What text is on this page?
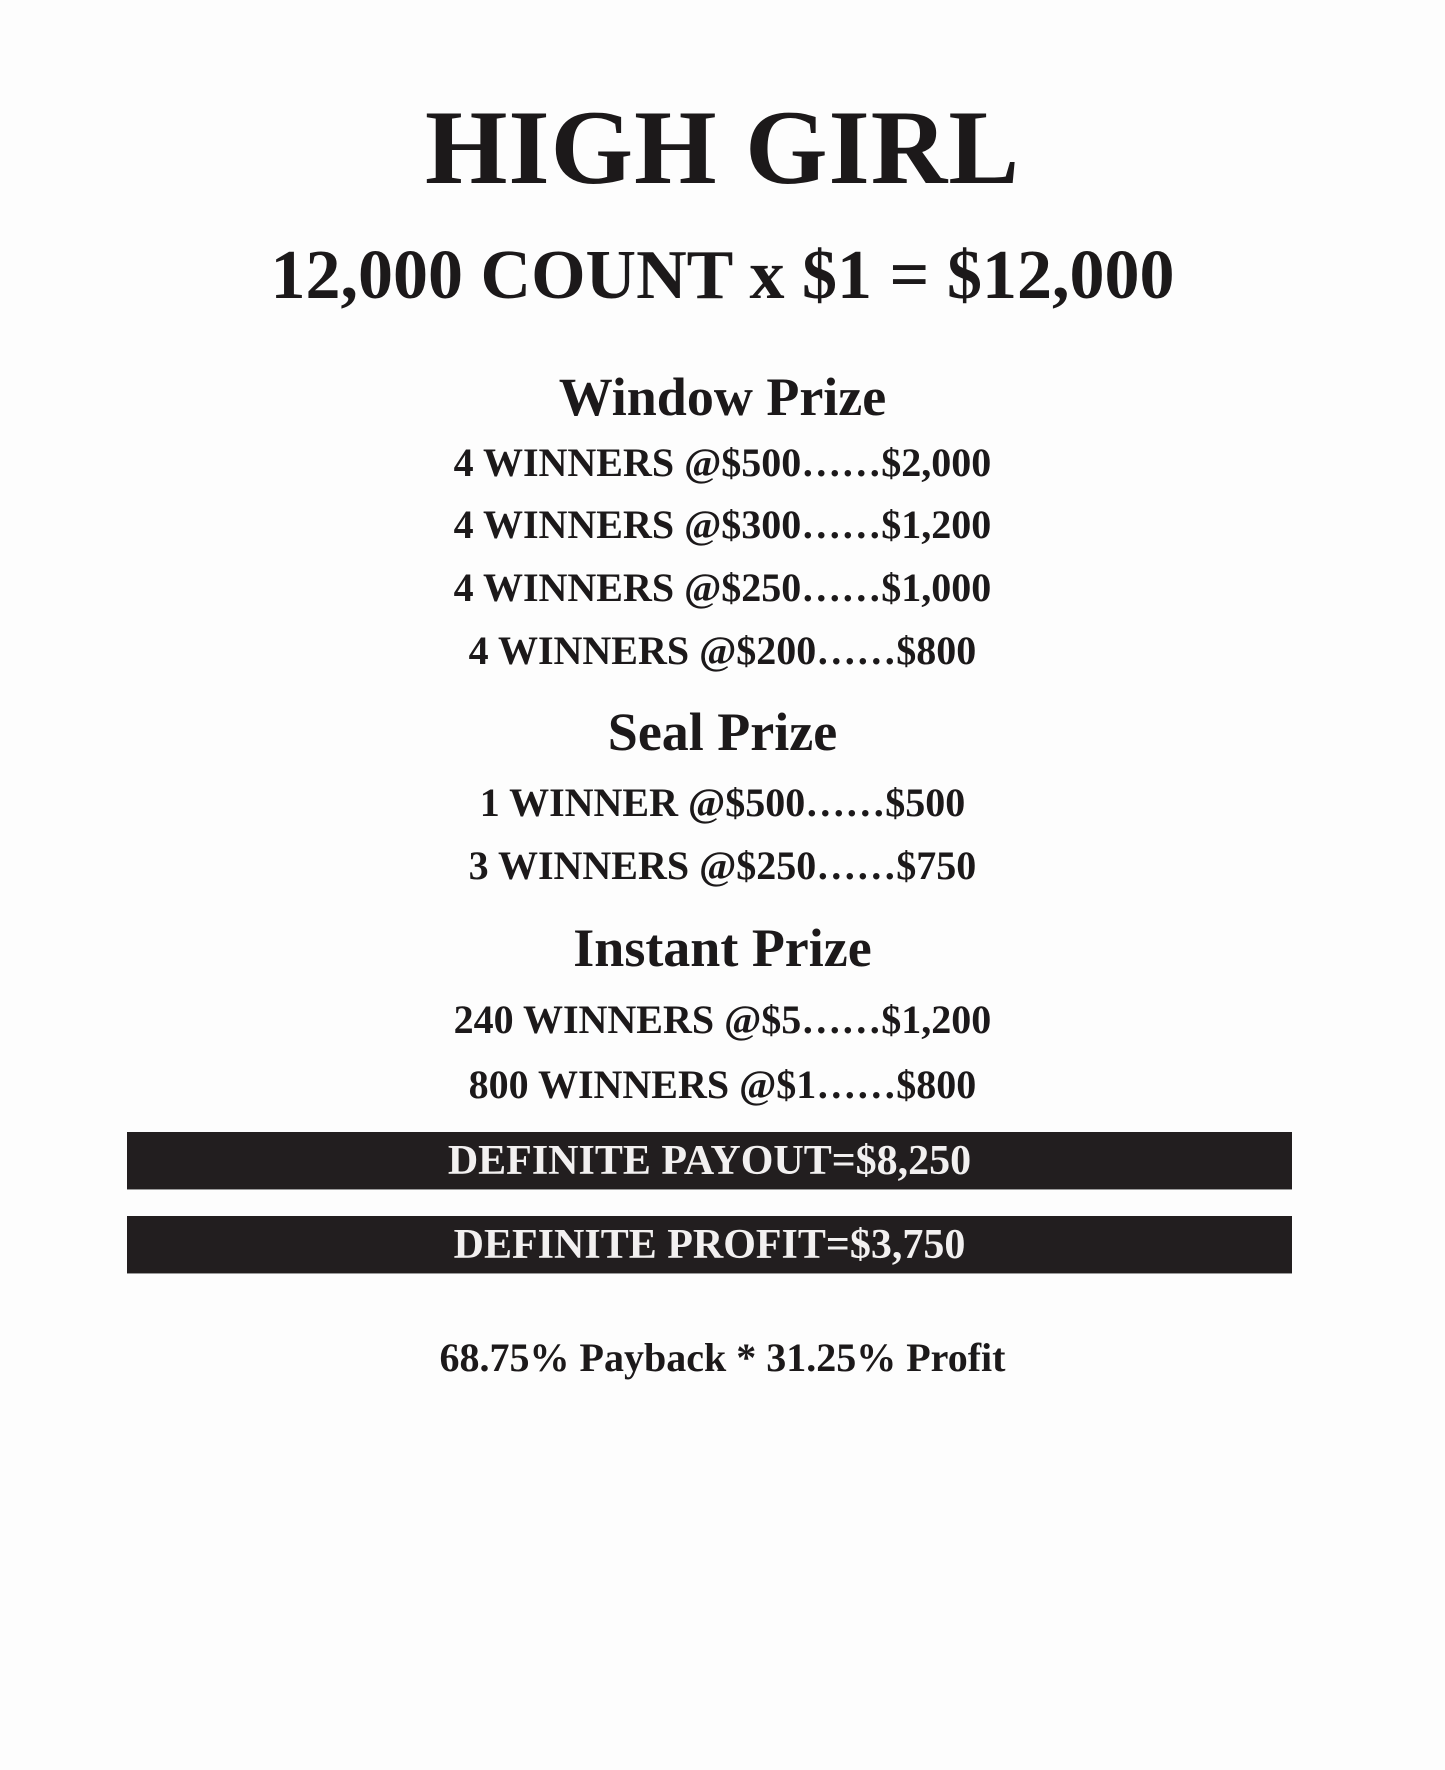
HIGH GIRL
12,000 COUNT x $1 = $12,000
Window Prize
4 WINNERS @$500……$2,000
4 WINNERS @$300……$1,200
4 WINNERS @$250……$1,000
4 WINNERS @$200……$800
Seal Prize
1 WINNER @$500……$500
3 WINNERS @$250……$750
Instant Prize
240 WINNERS @$5……$1,200
800 WINNERS @$1……$800
DEFINITE PAYOUT=$8,250
DEFINITE PROFIT=$3,750
68.75% Payback * 31.25% Profit
